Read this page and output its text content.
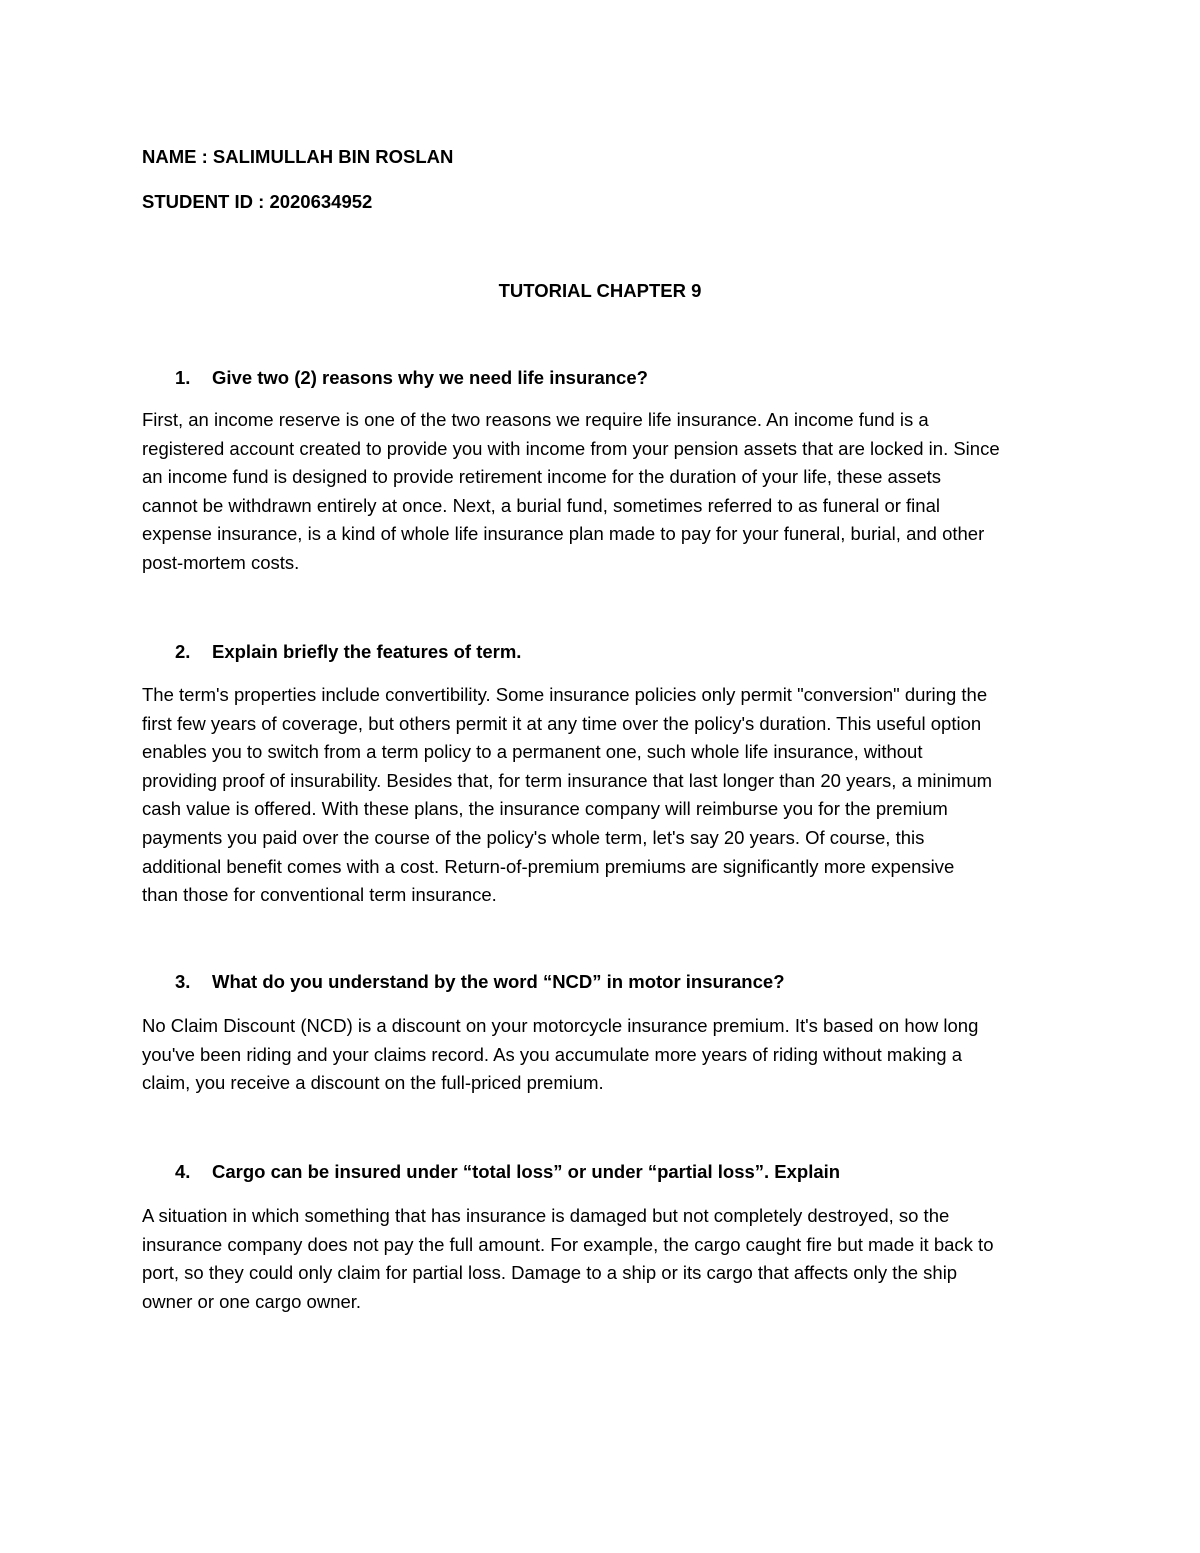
NAME : SALIMULLAH BIN ROSLAN

STUDENT ID : 2020634952

TUTORIAL CHAPTER 9

1. Give two (2) reasons why we need life insurance?

First, an income reserve is one of the two reasons we require life insurance. An income fund is a
registered account created to provide you with income from your pension assets that are locked in. Since
an income fund is designed to provide retirement income for the duration of your life, these assets
cannot be withdrawn entirely at once. Next, a burial fund, sometimes referred to as funeral or final
expense insurance, is a kind of whole life insurance plan made to pay for your funeral, burial, and other
post-mortem costs.

2. Explain briefly the features of term.

The term's properties include convertibility. Some insurance policies only permit "conversion" during the
first few years of coverage, but others permit it at any time over the policy's duration. This useful option
enables you to switch from a term policy to a permanent one, such whole life insurance, without
providing proof of insurability. Besides that, for term insurance that last longer than 20 years, a minimum
cash value is offered. With these plans, the insurance company will reimburse you for the premium
payments you paid over the course of the policy's whole term, let's say 20 years. Of course, this
additional benefit comes with a cost. Return-of-premium premiums are significantly more expensive
than those for conventional term insurance.

3. What do you understand by the word “NCD” in motor insurance?

No Claim Discount (NCD) is a discount on your motorcycle insurance premium. It's based on how long
you've been riding and your claims record. As you accumulate more years of riding without making a
claim, you receive a discount on the full-priced premium.

4. Cargo can be insured under “total loss” or under “partial loss”. Explain

A situation in which something that has insurance is damaged but not completely destroyed, so the
insurance company does not pay the full amount. For example, the cargo caught fire but made it back to
port, so they could only claim for partial loss. Damage to a ship or its cargo that affects only the ship
owner or one cargo owner.
